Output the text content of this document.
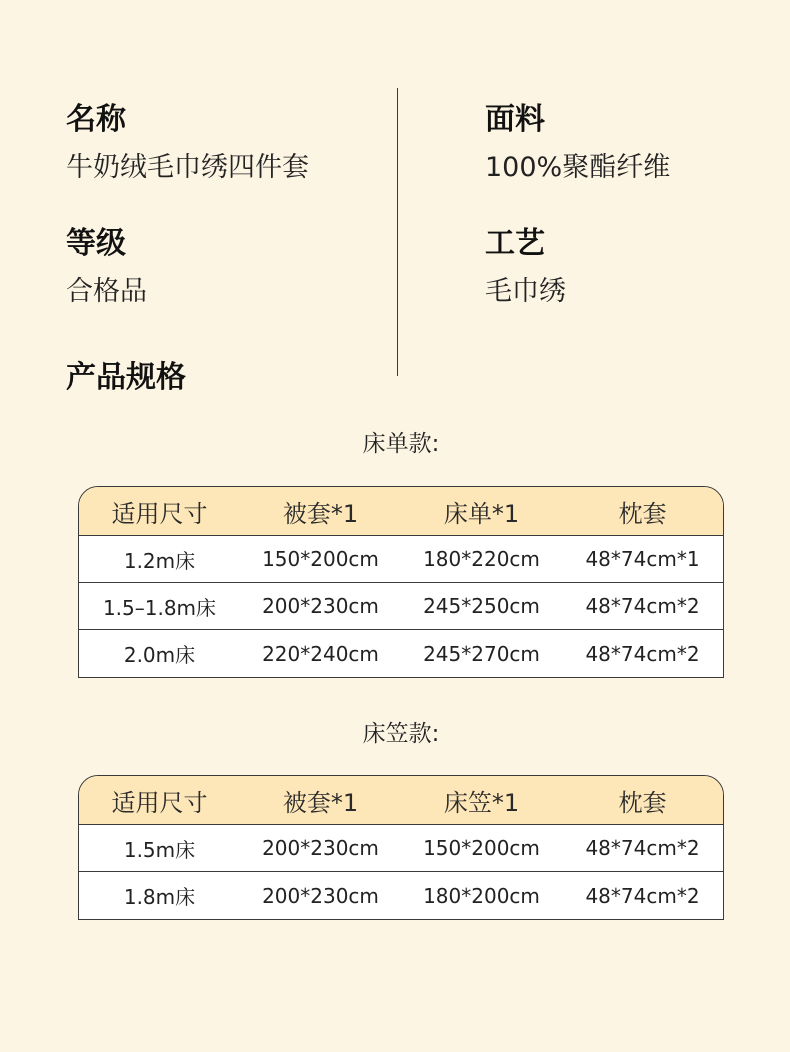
名称
牛奶绒毛巾绣四件套
等级
合格品
面料
100%聚酯纤维
工艺
毛巾绣
产品规格
床单款:
适用尺寸	被套*1	床单*1	枕套
1.2m床	150*200cm	180*220cm	48*74cm*1
1.5–1.8m床	200*230cm	245*250cm	48*74cm*2
2.0m床	220*240cm	245*270cm	48*74cm*2
床笠款:
适用尺寸	被套*1	床笠*1	枕套
1.5m床	200*230cm	150*200cm	48*74cm*2
1.8m床	200*230cm	180*200cm	48*74cm*2
